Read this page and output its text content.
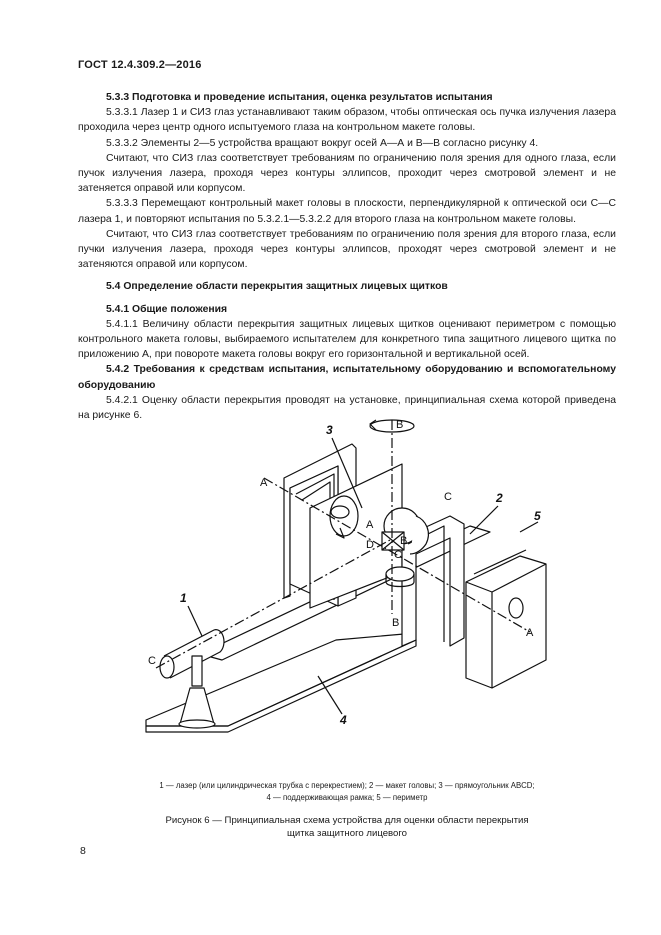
ГОСТ 12.4.309.2—2016

5.3.3 Подготовка и проведение испытания, оценка результатов испытания

5.3.3.1 Лазер 1 и СИЗ глаз устанавливают таким образом, чтобы оптическая ось пучка излучения лазера проходила через центр одного испытуемого глаза на контрольном макете головы.

5.3.3.2 Элементы 2—5 устройства вращают вокруг осей А—А и В—В согласно рисунку 4.

Считают, что СИЗ глаз соответствует требованиям по ограничению поля зрения для одного глаза, если пучок излучения лазера, проходя через контуры эллипсов, проходит через смотровой элемент и не затеняется оправой или корпусом.

5.3.3.3 Перемещают контрольный макет головы в плоскости, перпендикулярной к оптической оси С—С лазера 1, и повторяют испытания по 5.3.2.1—5.3.2.2 для второго глаза на контрольном макете головы.

Считают, что СИЗ глаз соответствует требованиям по ограничению поля зрения для второго глаза, если пучки излучения лазера, проходя через контуры эллипсов, проходят через смотровой элемент и не затеняются оправой или корпусом.

5.4 Определение области перекрытия защитных лицевых щитков

5.4.1 Общие положения

5.4.1.1 Величину области перекрытия защитных лицевых щитков оценивают периметром с помощью контрольного макета головы, выбираемого испытателем для конкретного типа защитного лицевого щитка по приложению А, при повороте макета головы вокруг его горизонтальной и вертикальной осей.

5.4.2 Требования к средствам испытания, испытательному оборудованию и вспомогательному оборудованию

5.4.2.1 Оценку области перекрытия проводят на установке, принципиальная схема которой приведена на рисунке 6.

1
2
3
4
5
А
А
А
В
В
В
С
С
С
D
1 — лазер (или цилиндрическая трубка с перекрестием); 2 — макет головы; 3 — прямоугольник ABCD;
4 — поддерживающая рамка; 5 — периметр
Рисунок 6 — Принципиальная схема устройства для оценки области перекрытия
щитка защитного лицевого
8
